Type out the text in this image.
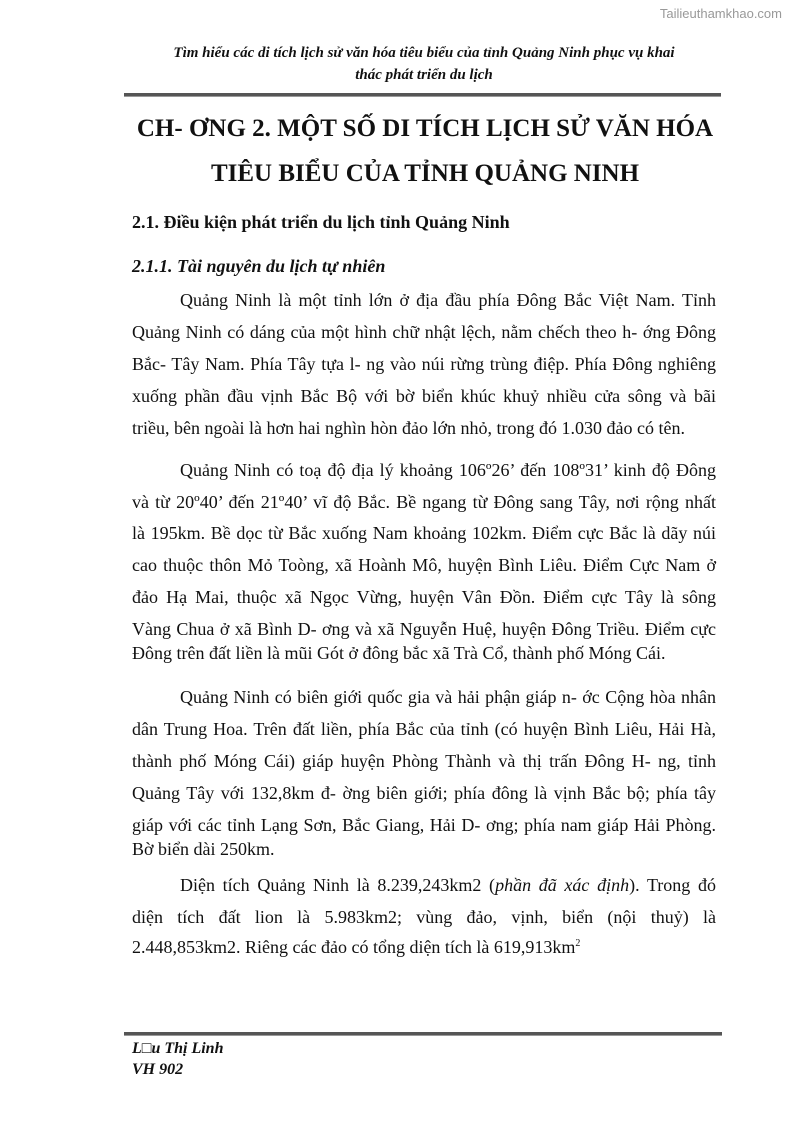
Tailieuthamkhao.com
Tìm hiểu các di tích lịch sử văn hóa tiêu biểu của tỉnh Quảng Ninh phục vụ khai
thác phát triển du lịch
CH- ƠNG 2. MỘT SỐ DI TÍCH LỊCH SỬ VĂN HÓA
TIÊU BIỂU CỦA TỈNH QUẢNG NINH
2.1. Điều kiện phát triển du lịch tỉnh Quảng Ninh
2.1.1. Tài nguyên du lịch tự nhiên
Quảng Ninh là một tỉnh lớn ở địa đầu phía Đông Bắc Việt Nam. Tỉnh
Quảng Ninh có dáng của một hình chữ nhật lệch, nằm chếch theo h- ớng Đông
Bắc- Tây Nam. Phía Tây tựa l- ng vào núi rừng trùng điệp. Phía Đông nghiêng
xuống phần đầu vịnh Bắc Bộ với bờ biển khúc khuỷ nhiều cửa sông và bãi
triều, bên ngoài là hơn hai nghìn hòn đảo lớn nhỏ, trong đó 1.030 đảo có tên.
Quảng Ninh có toạ độ địa lý khoảng 106º26’ đến 108º31’ kinh độ Đông
và từ 20º40’ đến 21º40’ vĩ độ Bắc. Bề ngang từ Đông sang Tây, nơi rộng nhất
là 195km. Bề dọc từ Bắc xuống Nam khoảng 102km. Điểm cực Bắc là dãy núi
cao thuộc thôn Mỏ Toòng, xã Hoành Mô, huyện Bình Liêu. Điểm Cực Nam ở
đảo Hạ Mai, thuộc xã Ngọc Vừng, huyện Vân Đồn. Điểm cực Tây là sông
Vàng Chua ở xã Bình D- ơng và xã Nguyễn Huệ, huyện Đông Triều. Điểm cực
Đông trên đất liền là mũi Gót ở đông bắc xã Trà Cổ, thành phố Móng Cái.
Quảng Ninh có biên giới quốc gia và hải phận giáp n- ớc Cộng hòa nhân
dân Trung Hoa. Trên đất liền, phía Bắc của tỉnh (có huyện Bình Liêu, Hải Hà,
thành phố Móng Cái) giáp huyện Phòng Thành và thị trấn Đông H- ng, tỉnh
Quảng Tây với 132,8km đ- ờng biên giới; phía đông là vịnh Bắc bộ; phía tây
giáp với các tỉnh Lạng Sơn, Bắc Giang, Hải D- ơng; phía nam giáp Hải Phòng.
Bờ biển dài 250km.
Diện tích Quảng Ninh là 8.239,243km2 (phần đã xác định). Trong đó
diện tích đất lion là 5.983km2; vùng đảo, vịnh, biển (nội thuỷ) là
2.448,853km2. Riêng các đảo có tổng diện tích là $619,913km^2$
L□u Thị Linh
VH 902
